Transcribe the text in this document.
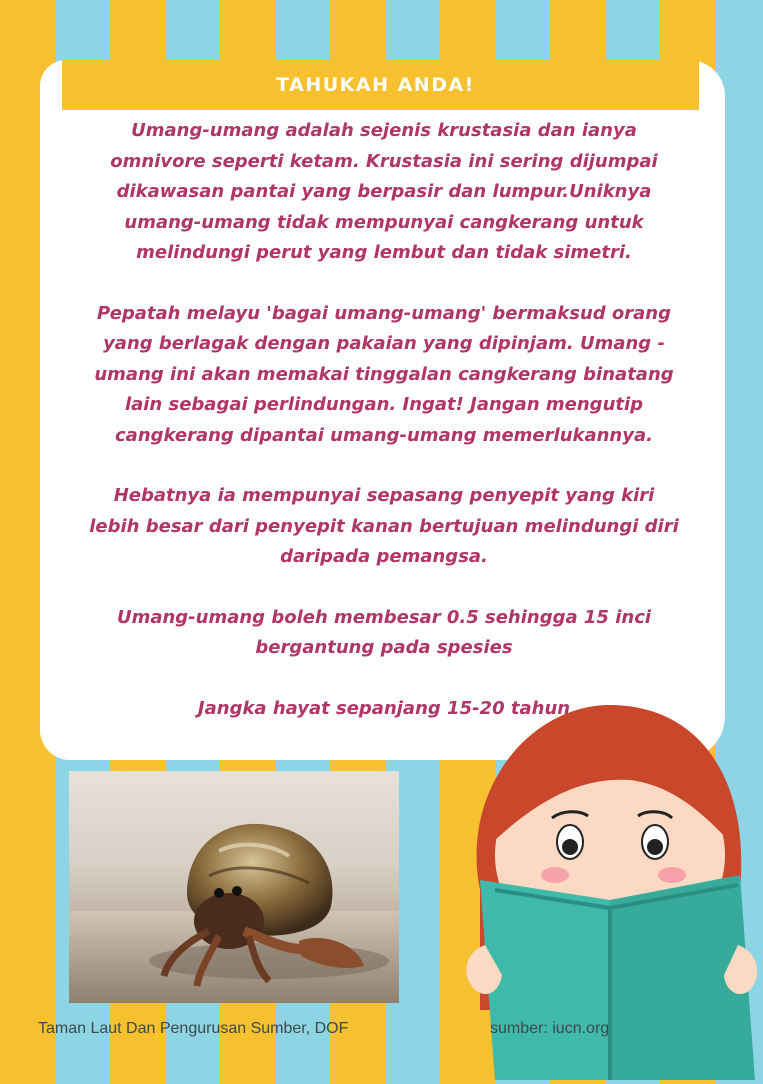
TAHUKAH ANDA!

Umang-umang adalah sejenis krustasia dan ianya
omnivore seperti ketam. Krustasia ini sering dijumpai
dikawasan pantai yang berpasir dan lumpur.Uniknya
umang-umang tidak mempunyai cangkerang untuk
melindungi perut yang lembut dan tidak simetri.

Pepatah melayu 'bagai umang-umang' bermaksud orang
yang berlagak dengan pakaian yang dipinjam. Umang -
umang ini akan memakai tinggalan cangkerang binatang
lain sebagai perlindungan. Ingat! Jangan mengutip
cangkerang dipantai umang-umang memerlukannya.

Hebatnya ia mempunyai sepasang penyepit yang kiri
lebih besar dari penyepit kanan bertujuan melindungi diri
daripada pemangsa.

Umang-umang boleh membesar 0.5 sehingga 15 inci
bergantung pada spesies

Jangka hayat sepanjang 15-20 tahun

Taman Laut Dan Pengurusan Sumber, DOF	sumber: iucn.org
